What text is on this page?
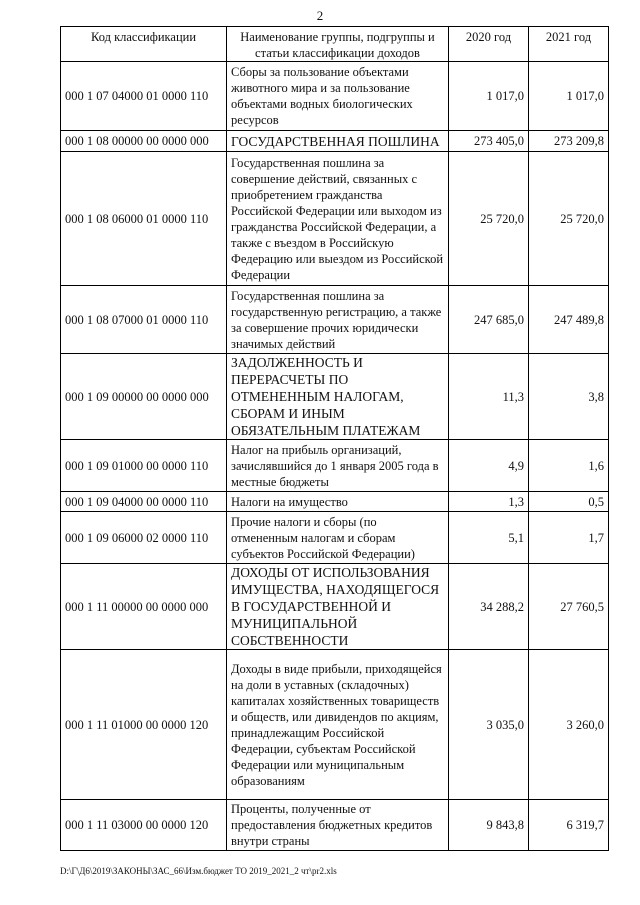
2
Код классификации	Наименование группы, подгруппы и статьи классификации доходов	2020 год	2021 год
000 1 07 04000 01 0000 110	Сборы за пользование объектами животного мира и за пользование объектами водных биологических ресурсов	1 017,0	1 017,0
000 1 08 00000 00 0000 000	ГОСУДАРСТВЕННАЯ ПОШЛИНА	273 405,0	273 209,8
000 1 08 06000 01 0000 110	Государственная пошлина за совершение действий, связанных с приобретением гражданства Российской Федерации или выходом из гражданства Российской Федерации, а также с въездом в Российскую Федерацию или выездом из Российской Федерации	25 720,0	25 720,0
000 1 08 07000 01 0000 110	Государственная пошлина за государственную регистрацию, а также за совершение прочих юридически значимых действий	247 685,0	247 489,8
000 1 09 00000 00 0000 000	ЗАДОЛЖЕННОСТЬ И ПЕРЕРАСЧЕТЫ ПО ОТМЕНЕННЫМ НАЛОГАМ, СБОРАМ И ИНЫМ ОБЯЗАТЕЛЬНЫМ ПЛАТЕЖАМ	11,3	3,8
000 1 09 01000 00 0000 110	Налог на прибыль организаций, зачислявшийся до 1 января 2005 года в местные бюджеты	4,9	1,6
000 1 09 04000 00 0000 110	Налоги на имущество	1,3	0,5
000 1 09 06000 02 0000 110	Прочие налоги и сборы (по отмененным налогам и сборам субъектов Российской Федерации)	5,1	1,7
000 1 11 00000 00 0000 000	ДОХОДЫ ОТ ИСПОЛЬЗОВАНИЯ ИМУЩЕСТВА, НАХОДЯЩЕГОСЯ В ГОСУДАРСТВЕННОЙ И МУНИЦИПАЛЬНОЙ СОБСТВЕННОСТИ	34 288,2	27 760,5
000 1 11 01000 00 0000 120	Доходы в виде прибыли, приходящейся на доли в уставных (складочных) капиталах хозяйственных товариществ и обществ, или дивидендов по акциям, принадлежащим Российской Федерации, субъектам Российской Федерации или муниципальным образованиям	3 035,0	3 260,0
000 1 11 03000 00 0000 120	Проценты, полученные от предоставления бюджетных кредитов внутри страны	9 843,8	6 319,7
D:\Г\Д6\2019\ЗАКОНЫ\ЗАС_66\Изм.бюджет ТО 2019_2021_2 чт\pr2.xls
